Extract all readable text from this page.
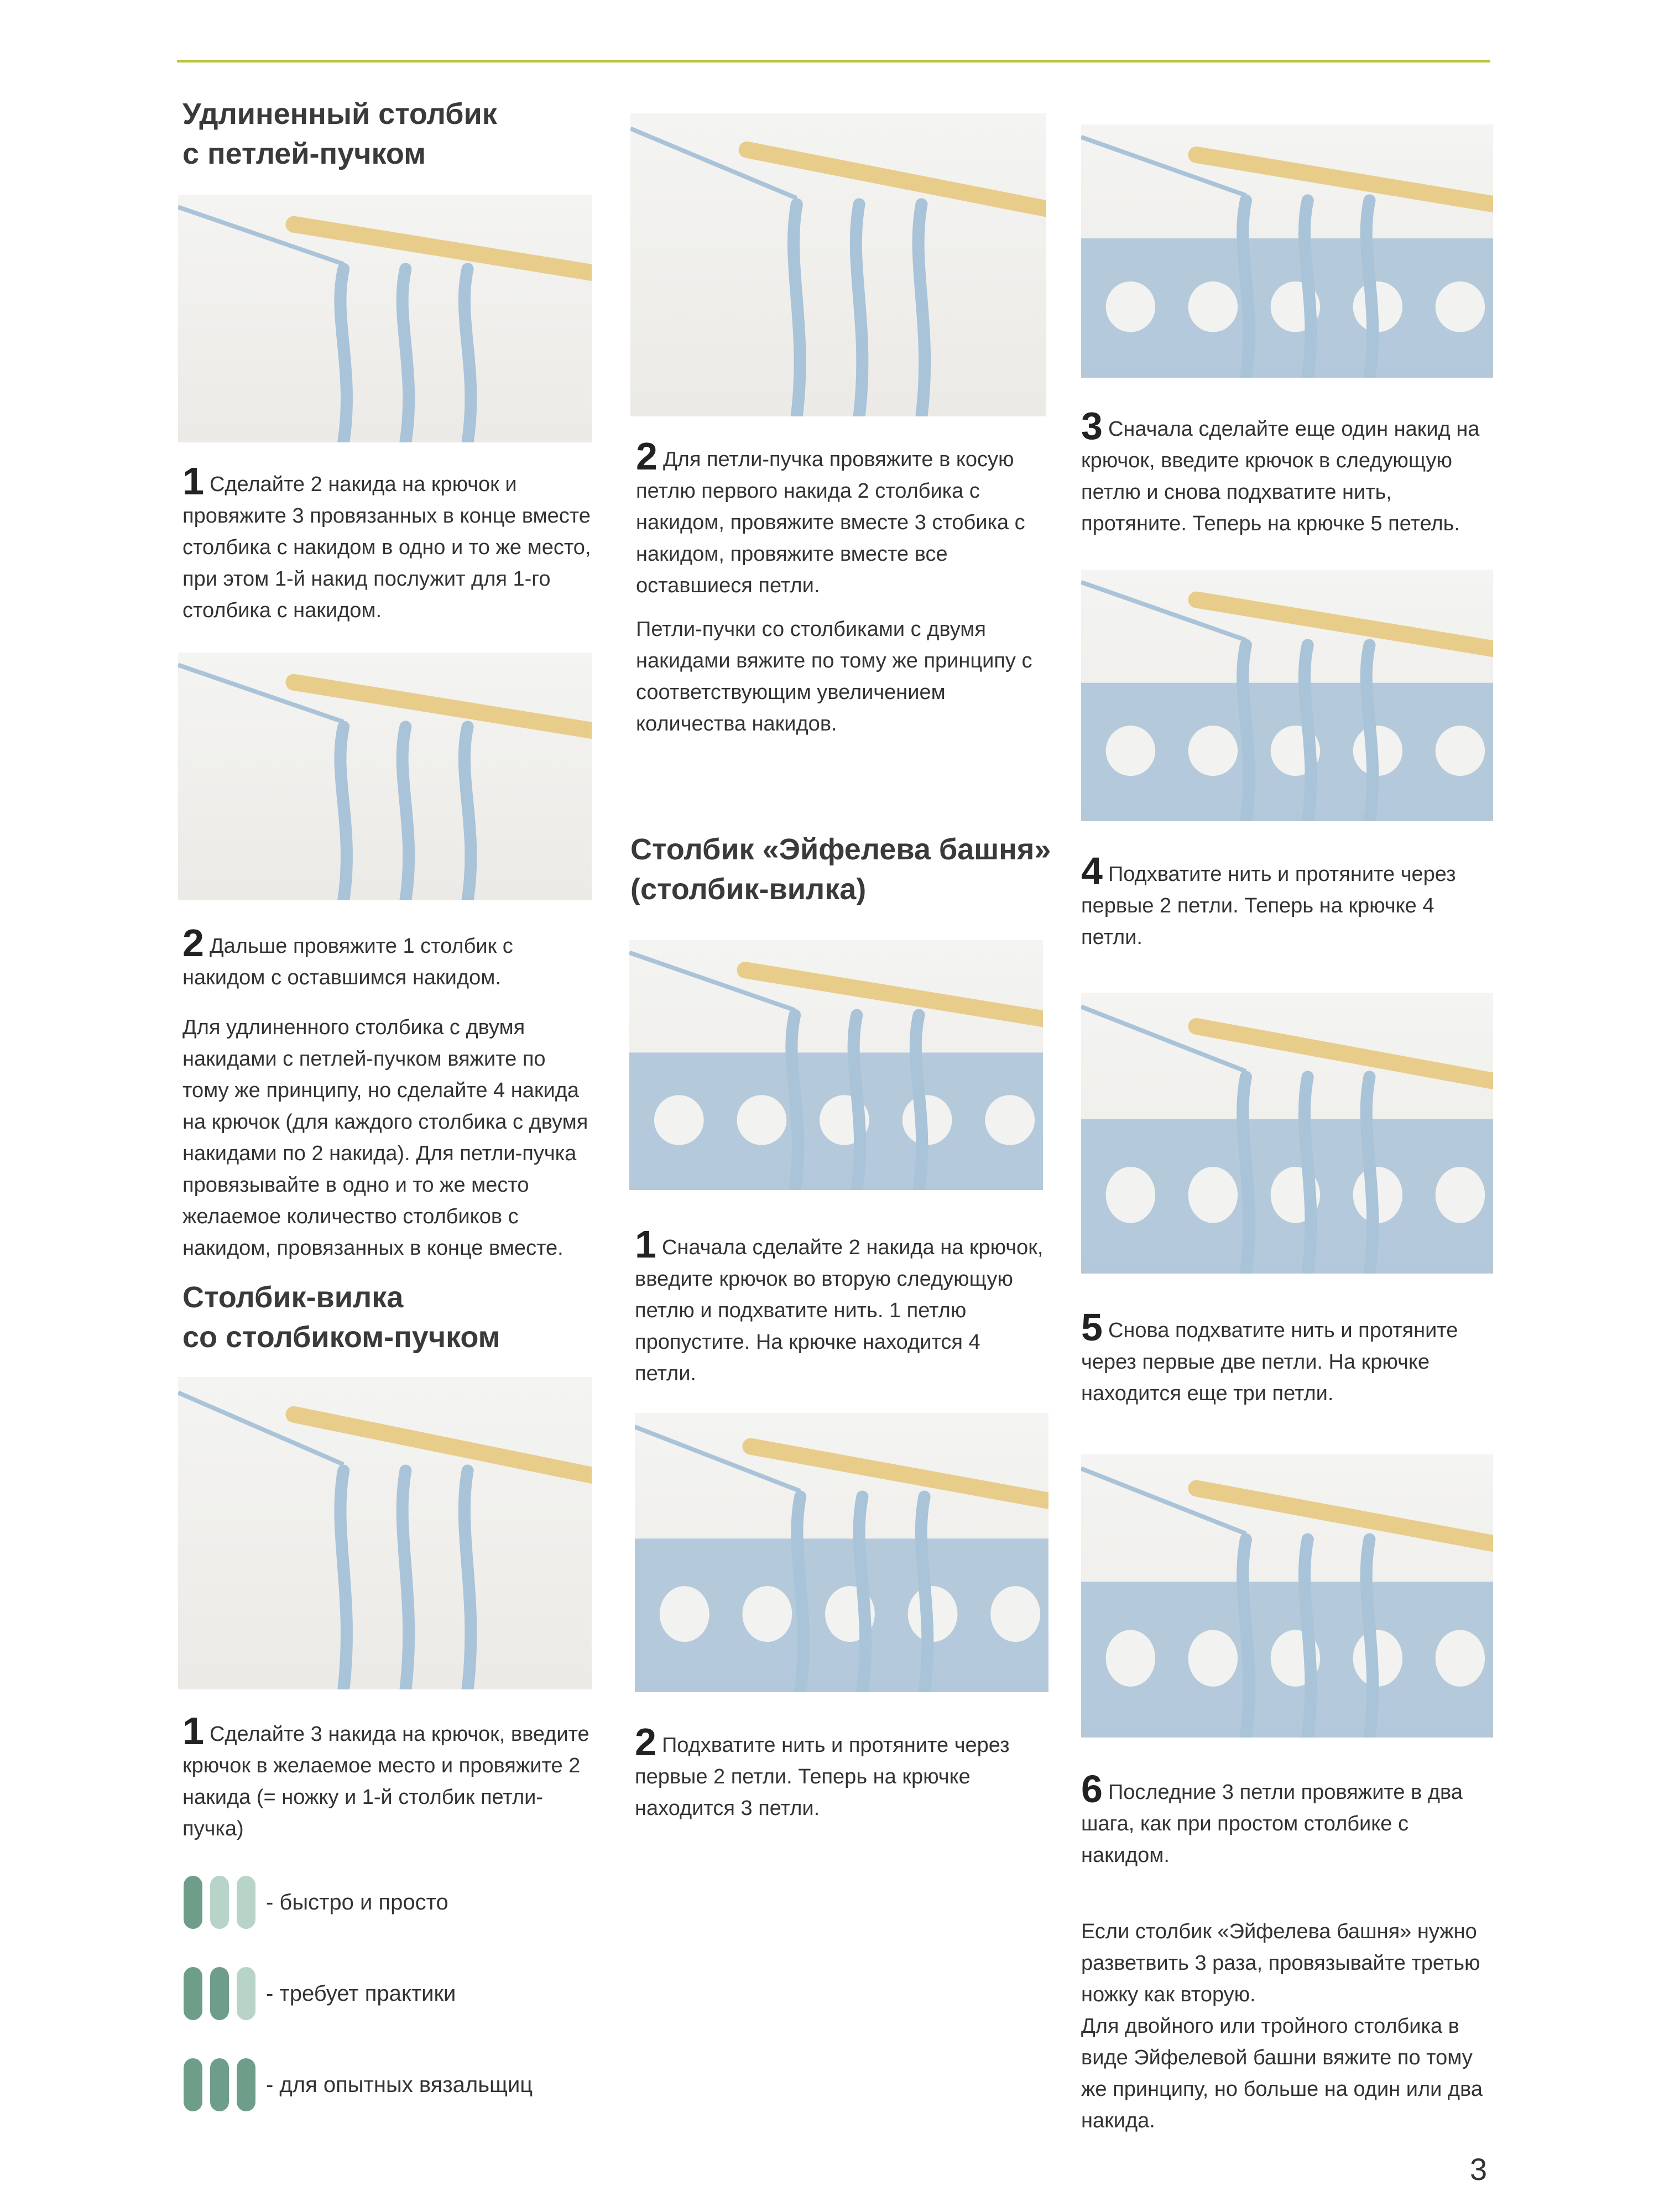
Удлиненный столбик
с петлей-пучком
1 Сделайте 2 накида на крючок и провяжите 3 провязанных в конце вместе столбика с накидом в одно и то же место, при этом 1-й накид послужит для 1-го столбика с накидом.
2 Дальше провяжите 1 столбик с накидом с оставшимся накидом.
Для удлиненного столбика с двумя накидами с петлей-пучком вяжите по тому же принципу, но сделайте 4 накида на крючок (для каждого столбика с двумя накидами по 2 накида). Для петли-пучка провязывайте в одно и то же место желаемое количество столбиков с накидом, провязанных в конце вместе.
Столбик-вилка
со столбиком-пучком
1 Сделайте 3 накида на крючок, введите крючок в желаемое место и провяжите 2 накида (= ножку и 1-й столбик петли-пучка)
- быстро и просто
- требует практики
- для опытных вязальщиц
2 Для петли-пучка провяжите в косую петлю первого накида 2 столбика с накидом, провяжите вместе 3 стобика с накидом, провяжите вместе все оставшиеся петли.
Петли-пучки со столбиками с двумя накидами вяжите по тому же принципу с соответствующим увеличением количества накидов.
Столбик «Эйфелева башня»
(столбик-вилка)
1 Сначала сделайте 2 накида на крючок, введите крючок во вторую следующую петлю и подхватите нить. 1 петлю пропустите. На крючке находится 4 петли.
2 Подхватите нить и протяните через первые 2 петли. Теперь на крючке находится 3 петли.
3 Сначала сделайте еще один накид на крючок, введите крючок в следующую петлю и снова подхватите нить, протяните. Теперь на крючке 5 петель.
4 Подхватите нить и протяните через первые 2 петли. Теперь на крючке 4 петли.
5 Снова подхватите нить и протяните через первые две петли. На крючке находится еще три петли.
6 Последние 3 петли провяжите в два шага, как при простом столбике с накидом.
Если столбик «Эйфелева башня» нужно разветвить 3 раза, провязывайте третью ножку как вторую.
Для двойного или тройного столбика в виде Эйфелевой башни вяжите по тому же принципу, но больше на один или два накида.
3
